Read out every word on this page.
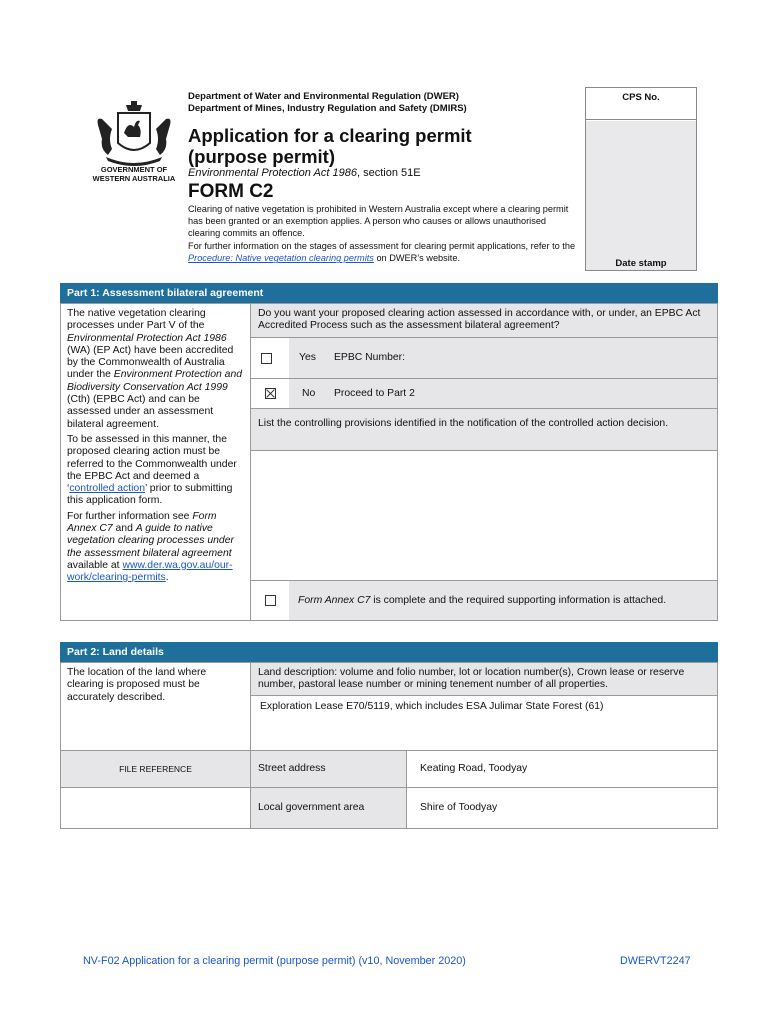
Department of Water and Environmental Regulation (DWER)
Department of Mines, Industry Regulation and Safety (DMIRS)
GOVERNMENT OF
WESTERN AUSTRALIA
Application for a clearing permit (purpose permit)
Environmental Protection Act 1986, section 51E
FORM C2

Clearing of native vegetation is prohibited in Western Australia except where a clearing permit has been granted or an exemption applies. A person who causes or allows unauthorised clearing commits an offence.

For further information on the stages of assessment for clearing permit applications, refer to the Procedure: Native vegetation clearing permits on DWER’s website.

CPS No.
Date stamp
Part 1: Assessment bilateral agreement
The native vegetation clearing processes under Part V of the Environmental Protection Act 1986 (WA) (EP Act) have been accredited by the Commonwealth of Australia under the Environment Protection and Biodiversity Conservation Act 1999 (Cth) (EPBC Act) and can be assessed under an assessment bilateral agreement.
To be assessed in this manner, the proposed clearing action must be referred to the Commonwealth under the EPBC Act and deemed a ‘controlled action’ prior to submitting this application form.
For further information see Form Annex C7 and A guide to native vegetation clearing processes under the assessment bilateral agreement available at www.der.wa.gov.au/our-work/clearing-permits.
Do you want your proposed clearing action assessed in accordance with, or under, an EPBC Act Accredited Process such as the assessment bilateral agreement?
Yes EPBC Number:
No Proceed to Part 2
List the controlling provisions identified in the notification of the controlled action decision.
Form Annex C7 is complete and the required supporting information is attached.
Part 2: Land details
The location of the land where clearing is proposed must be accurately described.
Land description: volume and folio number, lot or location number(s), Crown lease or reserve number, pastoral lease number or mining tenement number of all properties.
Exploration Lease E70/5119, which includes ESA Julimar State Forest (61)
FILE REFERENCE	Street address	Keating Road, Toodyay
Local government area	Shire of Toodyay
NV-F02 Application for a clearing permit (purpose permit) (v10, November 2020)	DWERVT2247
